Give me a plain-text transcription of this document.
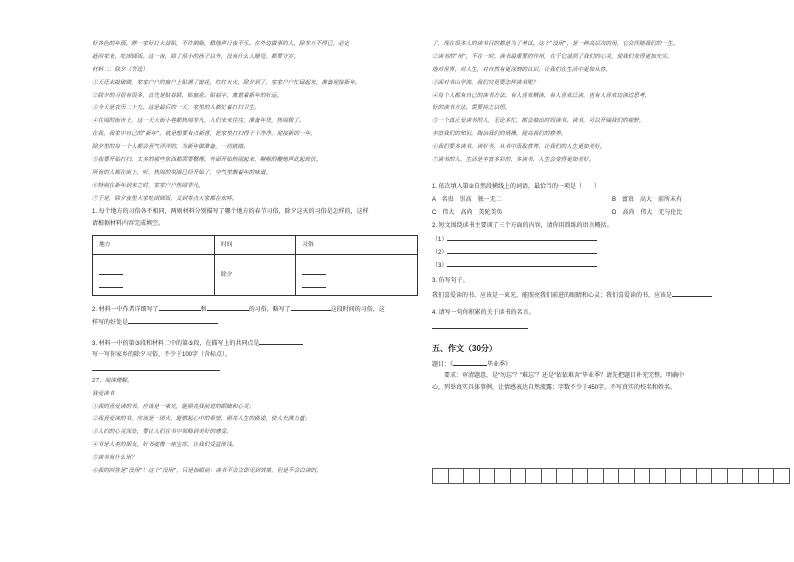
好各色的年画。晔一家好打大蒜贴，不许倒脂，稳地声日夜不乐。在外边做事的人，除非万不得已，必定
赶回家来，吃团圆饭。这一夜，除了很小的孩子以外，没有什么人睡觉，都要守岁。
材料二：除夕（节选）
①天还未敲破晓，家家户户的窗户上贴满了窗花，红红火火，除夕到了，家家户户忙碌起来，准备迎接新年。
②除夕的习俗有很多，首先是贴春联、贴窗花、贴福字，寓意着新年的好运。
③今天是农历二十九，这是最后的一天，家里的人都忙着打扫卫生。
④在闹的街市上，这一天大街小巷都热闹非凡，人们来来往往，准备年货，热闹极了。
在我，我家中自己的“新年”，就是想要有点新意，把家里打扫得干干净净，迎接新的一年。
除夕里的每一个人都会喜气洋洋的，为新年做准备，一切就绪。
⑤我要开始打扫，太多的那些东西都需要整理。外面开始热闹起来，噼啪的鞭炮声此起彼伏。
所有的人都在街上，听，热闹的氛围已经开始了，空气里飘着年的味道。
⑥特别在新年到来之时，家家户户热闹非凡。
⑦于是，除夕夜里大家吃团圆饭，又到零点大家都在欢呼。
1. 每个地方的习俗各不相同，两则材料分别描写了哪个地方的春节习俗，除夕这天的习俗是怎样的，这样
请根据材料内容完成填空。
地方	时间	习俗

	除夕	
2. 材料一中作者详细写了	和	的习俗，略写了	这段时间的习俗，这
样写的好处是
3. 材料一中的第③段和材料二中的第⑤段，在描写上的共同点是
写一写你家乡的除夕习俗，不少于100字（含标点）。
27、阅读理解。
我爱读书
①我的喜爱读的书，应该是一束光，能照亮我前进的眼睛和心灵；
②我喜爱读的书，应该是一团火，能燃起心中的希望，照亮人生的路途，使人充满力量；
③人们的心灵深处，要让人们在书中领略到美好的感受。
④书是人类的朋友，好书就像一座宝库，让我们受益匪浅。
⑤读书有什么用？
⑥我的回答是“没用”！这个“没用”，只是指眼前：读书不会立即见到效果，但是不会白读的。
了，现在很多人的读书目的都是为了考试。这个“没用”，是一种高层次的用，它会伴随我们的一生。
②读书的“用”，不在一时。读书最重要的作用，在于它滋润了我们的心灵，使我们变得更加充实。
地对世界，对人生，对自然有更深刻的认识，让我们在生活中更加从容。
③面对书山学海，我们究竟要怎样读书呢？
④每个人都有自己的读书方法。有人喜欢精读，有人喜欢泛读，也有人喜欢边读边思考，
好的读书方法，需要持之以恒。
⑤一个真正爱读书的人，无论多忙，都会抽出时间读书。读书，可以开阔我们的视野，
丰富我们的知识，陶冶我们的情操，提高我们的修养。
⑥我们要多读书，读好书，从书中汲取营养，让我们的人生更加美好。
⑦读书的人，生活是丰富多彩的，多读书，人生会变得更加美好。
1. 依次填入第②自然段横线上的词语，最恰当的一项是（　　）
A　名贵　崇高　独一无二	B　富贵　高大　前所未有
C　伟大　高尚　美轮美奂	D　高尚　伟大　无与伦比
2. 短文围绕读书主要谈了三个方面的内容，请你用简练的语言概括。
（1）
（2）
（3）
3. 仿写句子。
我们喜爱读的书，应该是一束光，能照亮我们前进的眼睛和心灵；我们喜爱读的书，应该是
4. 请写一句你积累的关于读书的名言。
五、作文（30分）
题目：《	毕业季》
要求：审清题意，是“勿忘”？“难忘”？还是“依依难舍”毕业季？请先把题目补充完整，明确中
心，列举真实具体事例，让情感表达自然流露；字数不少于450字，不写真实的校名和姓名。
